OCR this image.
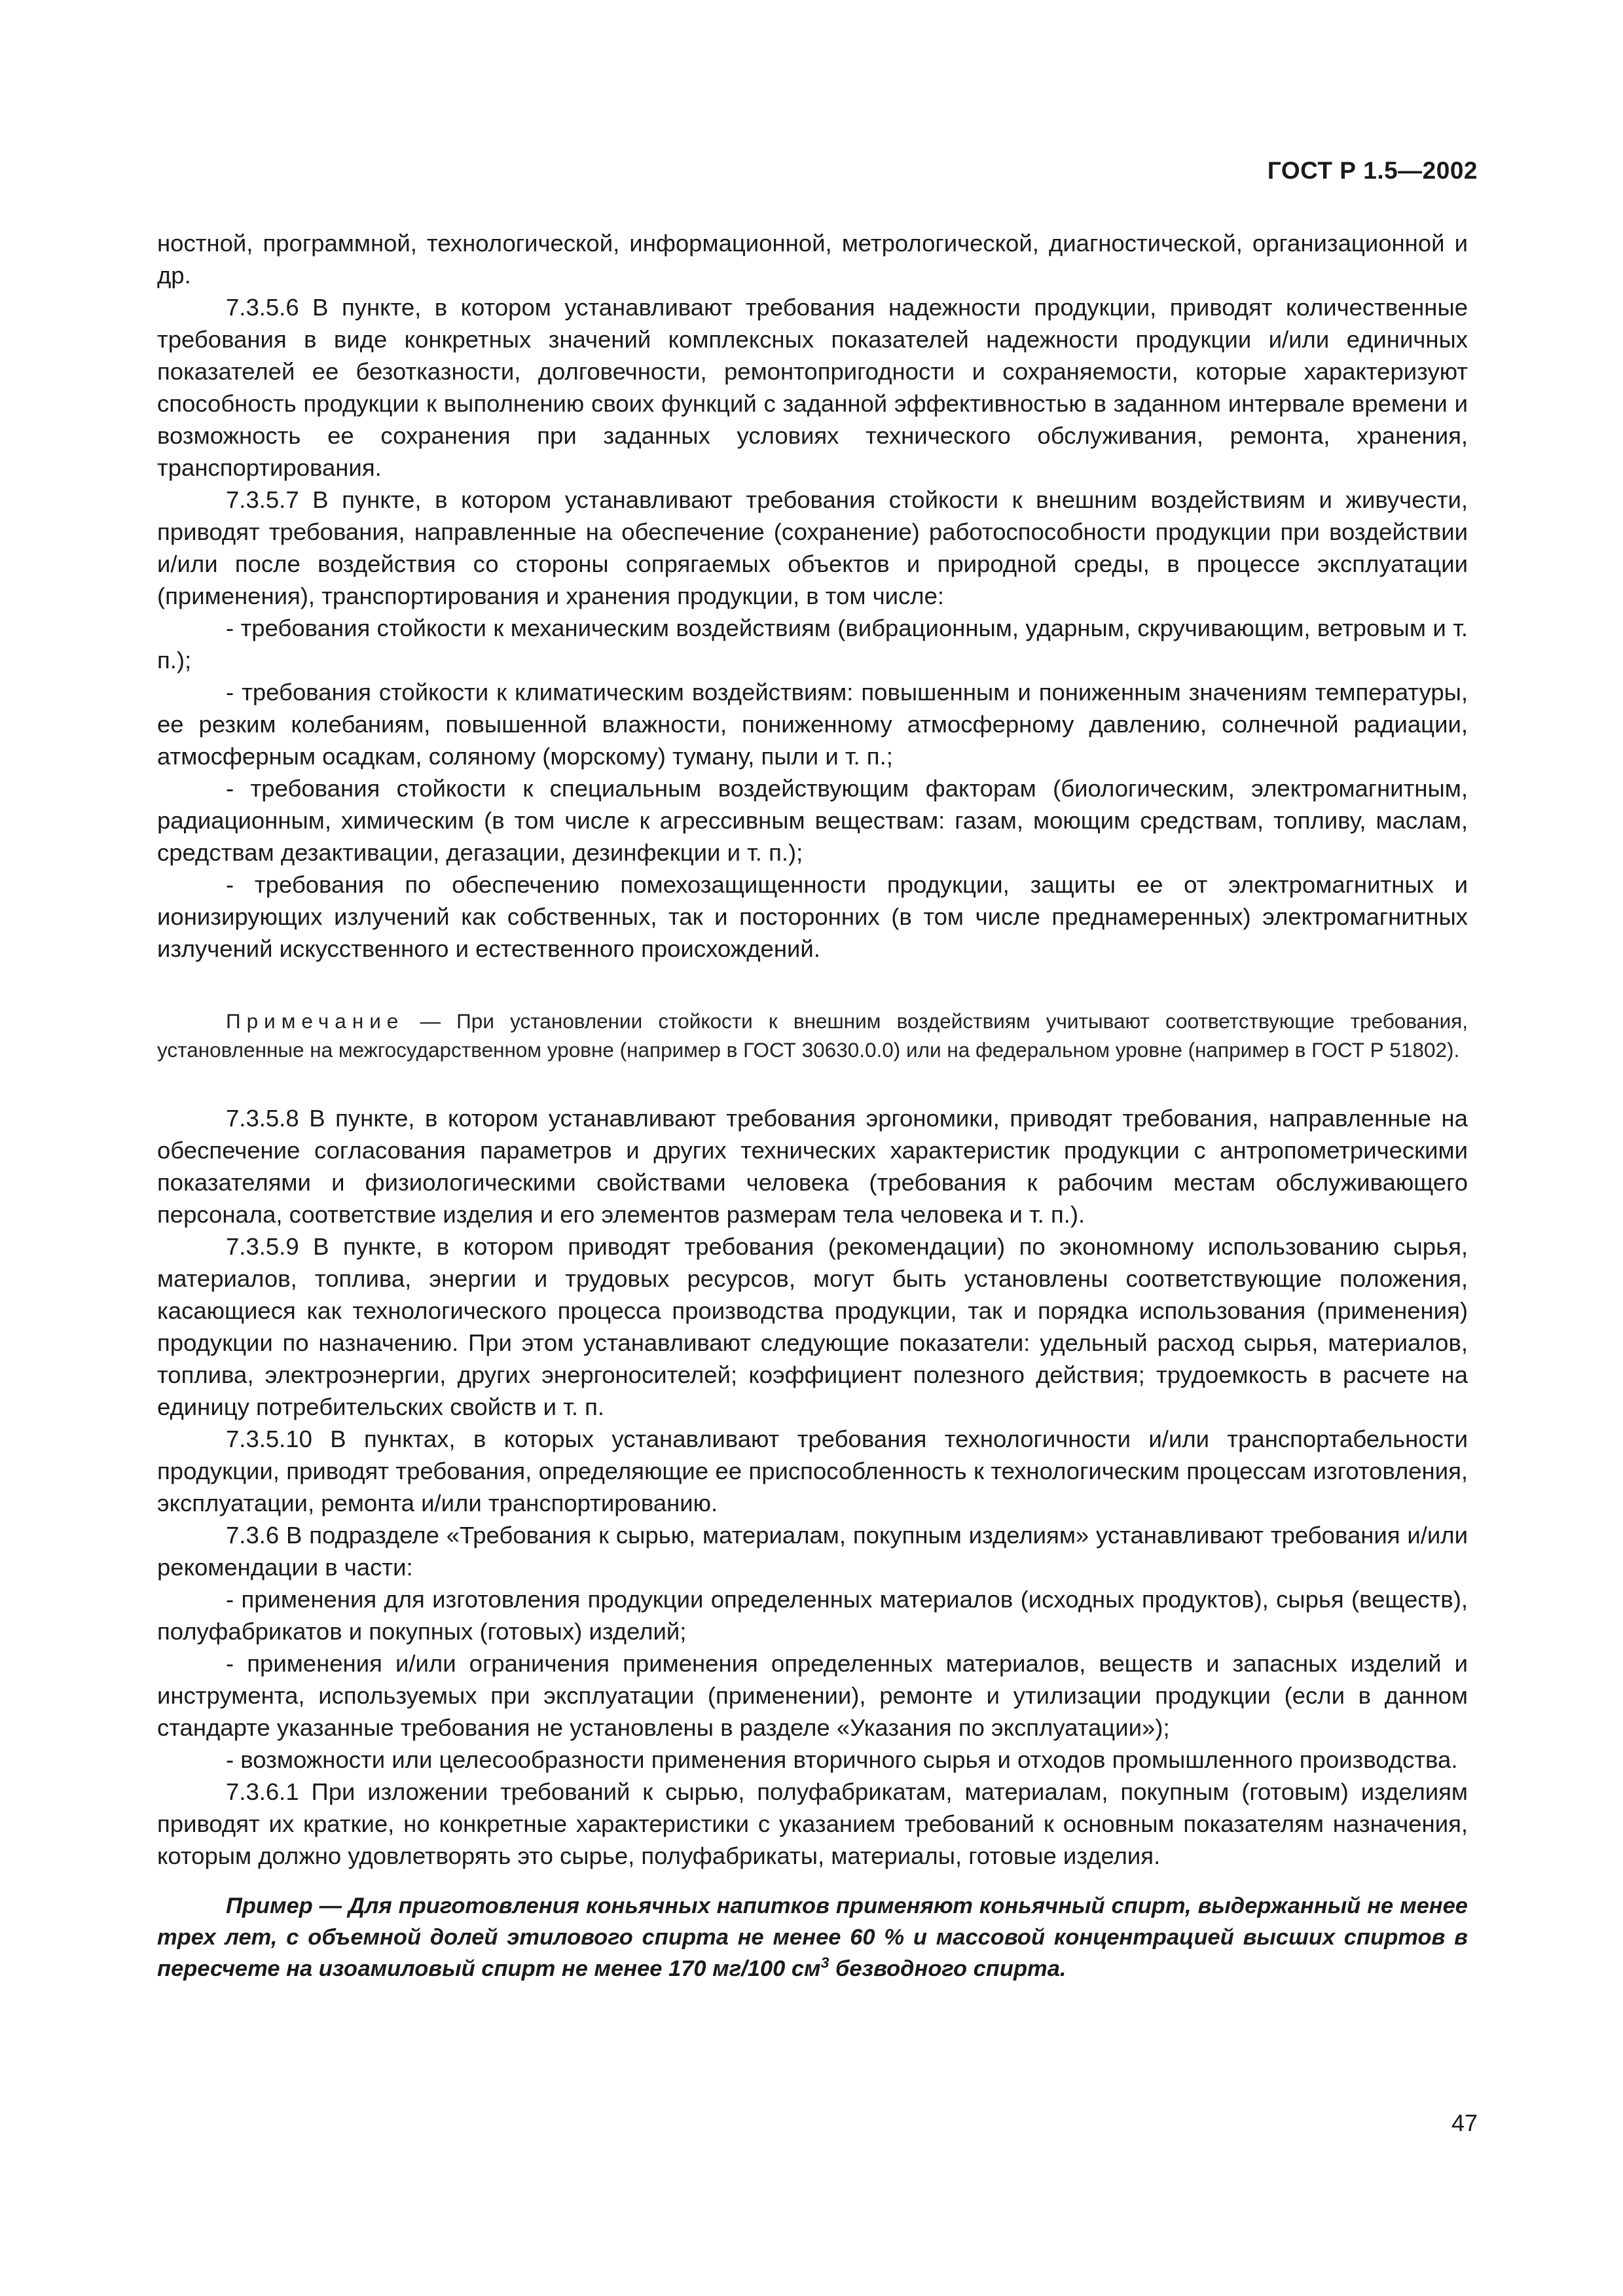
ГОСТ Р 1.5—2002

ностной, программной, технологической, информационной, метрологической, диагностической, организационной и др.

7.3.5.6 В пункте, в котором устанавливают требования надежности продукции, приводят количественные требования в виде конкретных значений комплексных показателей надежности продукции и/или единичных показателей ее безотказности, долговечности, ремонтопригодности и сохраняемости, которые характеризуют способность продукции к выполнению своих функций с заданной эффективностью в заданном интервале времени и возможность ее сохранения при заданных условиях технического обслуживания, ремонта, хранения, транспортирования.

7.3.5.7 В пункте, в котором устанавливают требования стойкости к внешним воздействиям и живучести, приводят требования, направленные на обеспечение (сохранение) работоспособности продукции при воздействии и/или после воздействия со стороны сопрягаемых объектов и природной среды, в процессе эксплуатации (применения), транспортирования и хранения продукции, в том числе:

- требования стойкости к механическим воздействиям (вибрационным, ударным, скручивающим, ветровым и т. п.);

- требования стойкости к климатическим воздействиям: повышенным и пониженным значениям температуры, ее резким колебаниям, повышенной влажности, пониженному атмосферному давлению, солнечной радиации, атмосферным осадкам, соляному (морскому) туману, пыли и т. п.;

- требования стойкости к специальным воздействующим факторам (биологическим, электромагнитным, радиационным, химическим (в том числе к агрессивным веществам: газам, моющим средствам, топливу, маслам, средствам дезактивации, дегазации, дезинфекции и т. п.);

- требования по обеспечению помехозащищенности продукции, защиты ее от электромагнитных и ионизирующих излучений как собственных, так и посторонних (в том числе преднамеренных) электромагнитных излучений искусственного и естественного происхождений.

Примечание — При установлении стойкости к внешним воздействиям учитывают соответствующие требования, установленные на межгосударственном уровне (например в ГОСТ 30630.0.0) или на федеральном уровне (например в ГОСТ Р 51802).

7.3.5.8 В пункте, в котором устанавливают требования эргономики, приводят требования, направленные на обеспечение согласования параметров и других технических характеристик продукции с антропометрическими показателями и физиологическими свойствами человека (требования к рабочим местам обслуживающего персонала, соответствие изделия и его элементов размерам тела человека и т. п.).

7.3.5.9 В пункте, в котором приводят требования (рекомендации) по экономному использованию сырья, материалов, топлива, энергии и трудовых ресурсов, могут быть установлены соответствующие положения, касающиеся как технологического процесса производства продукции, так и порядка использования (применения) продукции по назначению. При этом устанавливают следующие показатели: удельный расход сырья, материалов, топлива, электроэнергии, других энергоносителей; коэффициент полезного действия; трудоемкость в расчете на единицу потребительских свойств и т. п.

7.3.5.10 В пунктах, в которых устанавливают требования технологичности и/или транспортабельности продукции, приводят требования, определяющие ее приспособленность к технологическим процессам изготовления, эксплуатации, ремонта и/или транспортированию.

7.3.6 В подразделе «Требования к сырью, материалам, покупным изделиям» устанавливают требования и/или рекомендации в части:

- применения для изготовления продукции определенных материалов (исходных продуктов), сырья (веществ), полуфабрикатов и покупных (готовых) изделий;

- применения и/или ограничения применения определенных материалов, веществ и запасных изделий и инструмента, используемых при эксплуатации (применении), ремонте и утилизации продукции (если в данном стандарте указанные требования не установлены в разделе «Указания по эксплуатации»);

- возможности или целесообразности применения вторичного сырья и отходов промышленного производства.

7.3.6.1 При изложении требований к сырью, полуфабрикатам, материалам, покупным (готовым) изделиям приводят их краткие, но конкретные характеристики с указанием требований к основным показателям назначения, которым должно удовлетворять это сырье, полуфабрикаты, материалы, готовые изделия.

Пример — Для приготовления коньячных напитков применяют коньячный спирт, выдержанный не менее трех лет, с объемной долей этилового спирта не менее 60 % и массовой концентрацией высших спиртов в пересчете на изоамиловый спирт не менее 170 мг/100 $см^3$ безводного спирта.

47
